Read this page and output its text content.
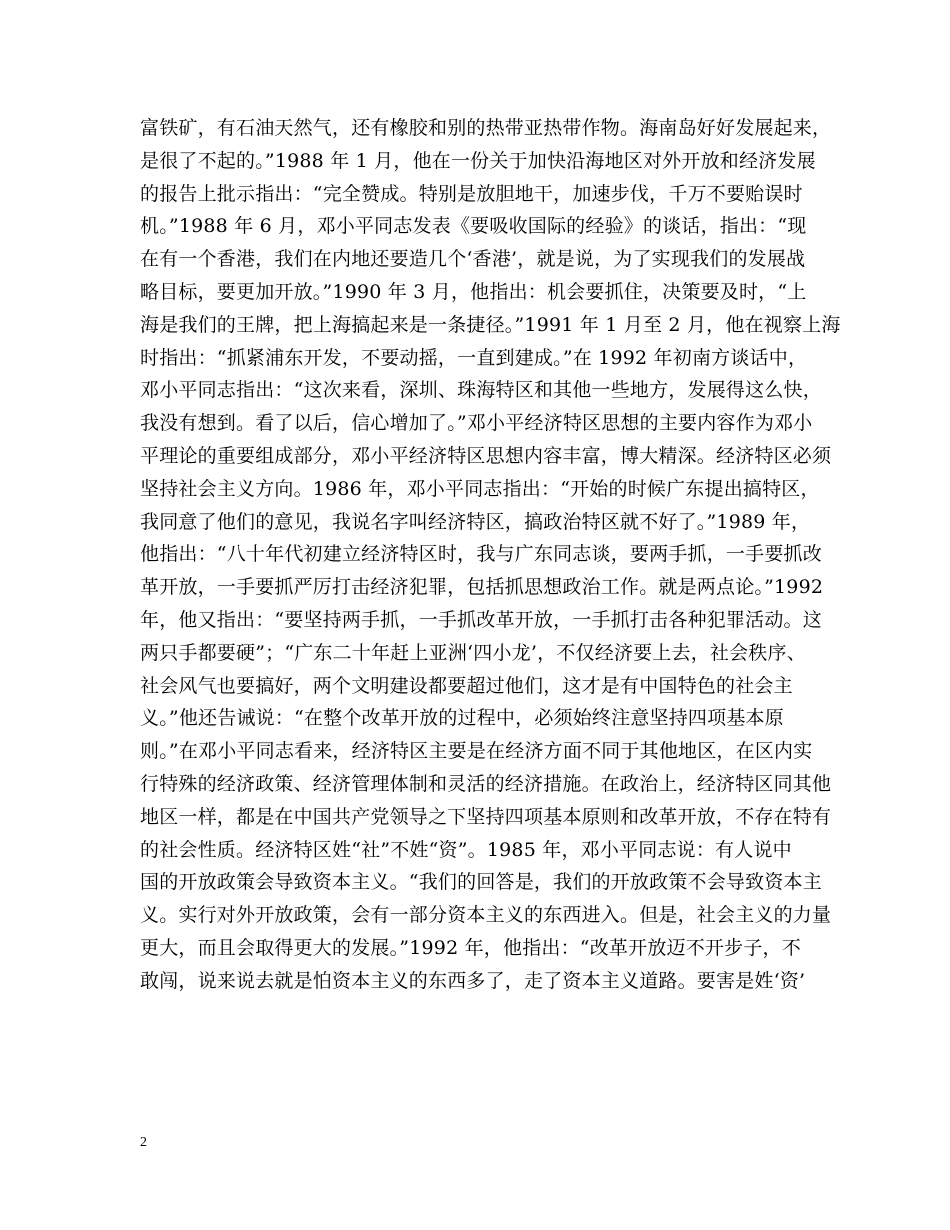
富铁矿，有石油天然气，还有橡胶和别的热带亚热带作物。海南岛好好发展起来，
是很了不起的。”1988 年 1 月，他在一份关于加快沿海地区对外开放和经济发展
的报告上批示指出：“完全赞成。特别是放胆地干，加速步伐，千万不要贻误时
机。”1988 年 6 月，邓小平同志发表《要吸收国际的经验》的谈话，指出：“现
在有一个香港，我们在内地还要造几个‘香港’，就是说，为了实现我们的发展战
略目标，要更加开放。”1990 年 3 月，他指出：机会要抓住，决策要及时，“上
海是我们的王牌，把上海搞起来是一条捷径。”1991 年 1 月至 2 月，他在视察上海
时指出：“抓紧浦东开发，不要动摇，一直到建成。”在 1992 年初南方谈话中，
邓小平同志指出：“这次来看，深圳、珠海特区和其他一些地方，发展得这么快，
我没有想到。看了以后，信心增加了。”邓小平经济特区思想的主要内容作为邓小
平理论的重要组成部分，邓小平经济特区思想内容丰富，博大精深。经济特区必须
坚持社会主义方向。1986 年，邓小平同志指出：“开始的时候广东提出搞特区，
我同意了他们的意见，我说名字叫经济特区，搞政治特区就不好了。”1989 年，
他指出：“八十年代初建立经济特区时，我与广东同志谈，要两手抓，一手要抓改
革开放，一手要抓严厉打击经济犯罪，包括抓思想政治工作。就是两点论。”1992
年，他又指出：“要坚持两手抓，一手抓改革开放，一手抓打击各种犯罪活动。这
两只手都要硬”；“广东二十年赶上亚洲‘四小龙’，不仅经济要上去，社会秩序、
社会风气也要搞好，两个文明建设都要超过他们，这才是有中国特色的社会主
义。”他还告诫说：“在整个改革开放的过程中，必须始终注意坚持四项基本原
则。”在邓小平同志看来，经济特区主要是在经济方面不同于其他地区，在区内实
行特殊的经济政策、经济管理体制和灵活的经济措施。在政治上，经济特区同其他
地区一样，都是在中国共产党领导之下坚持四项基本原则和改革开放，不存在特有
的社会性质。经济特区姓“社”不姓“资”。1985 年，邓小平同志说：有人说中
国的开放政策会导致资本主义。“我们的回答是，我们的开放政策不会导致资本主
义。实行对外开放政策，会有一部分资本主义的东西进入。但是，社会主义的力量
更大，而且会取得更大的发展。”1992 年，他指出：“改革开放迈不开步子，不
敢闯，说来说去就是怕资本主义的东西多了，走了资本主义道路。要害是姓‘资’
2
